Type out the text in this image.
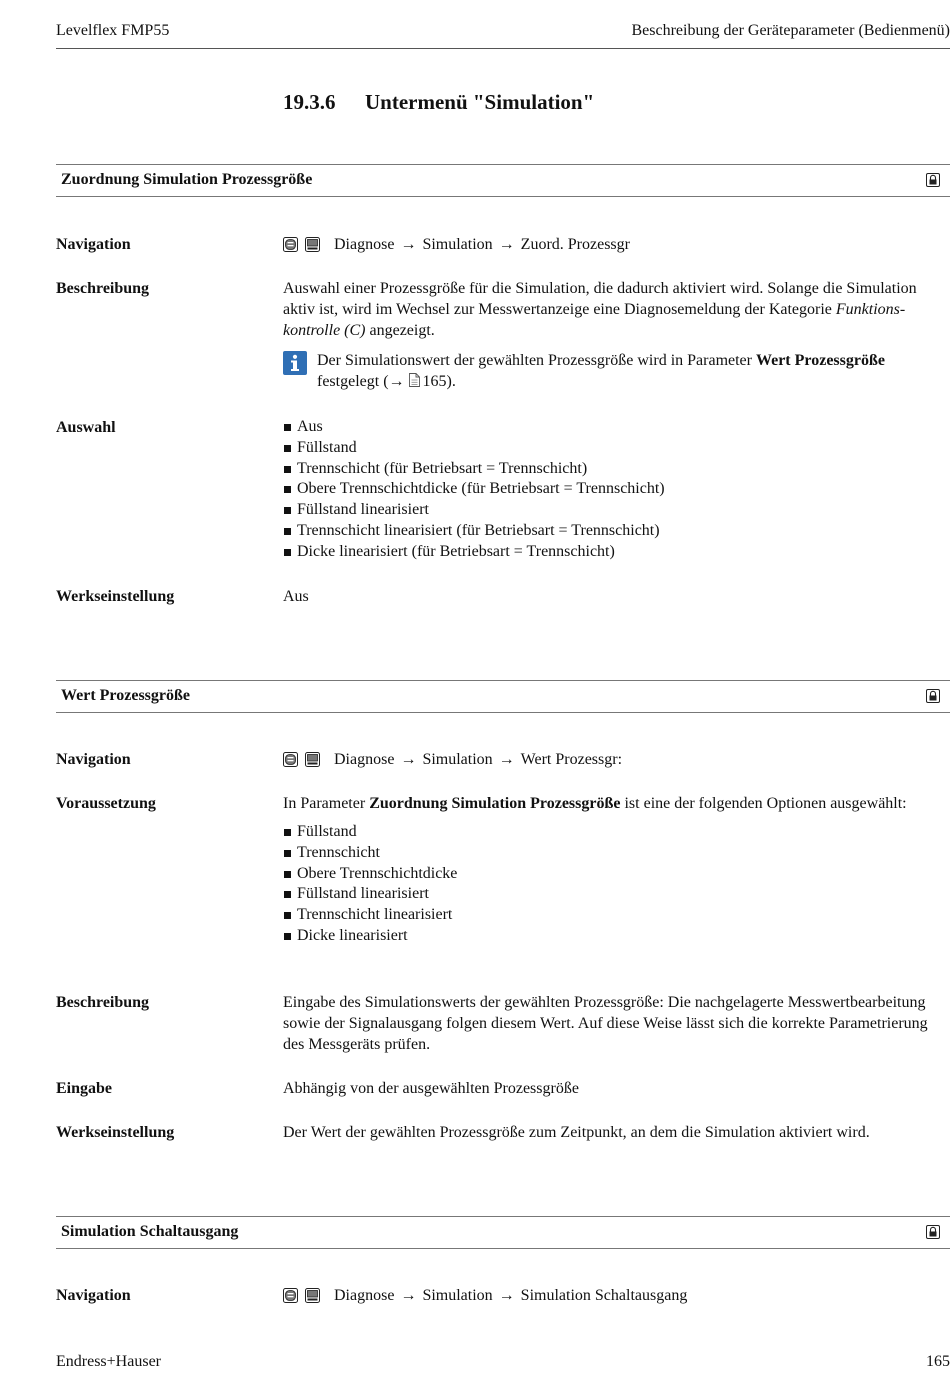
Levelflex FMP55	Beschreibung der Geräteparameter (Bedienmenü)
19.3.6 Untermenü "Simulation"
Zuordnung Simulation Prozessgröße
Navigation	Diagnose → Simulation → Zuord. Prozessgr
Beschreibung	Auswahl einer Prozessgröße für die Simulation, die dadurch aktiviert wird. Solange die Simulation aktiv ist, wird im Wechsel zur Messwertanzeige eine Diagnosemeldung der Kategorie Funktionskontrolle (C) angezeigt.

Der Simulationswert der gewählten Prozessgröße wird in Parameter Wert Prozessgröße festgelegt (→ 165).
Auswahl	Aus
Füllstand
Trennschicht (für Betriebsart = Trennschicht)
Obere Trennschichtdicke (für Betriebsart = Trennschicht)
Füllstand linearisiert
Trennschicht linearisiert (für Betriebsart = Trennschicht)
Dicke linearisiert (für Betriebsart = Trennschicht)
Werkseinstellung	Aus
Wert Prozessgröße
Navigation	Diagnose → Simulation → Wert Prozessgr:
Voraussetzung	In Parameter Zuordnung Simulation Prozessgröße ist eine der folgenden Optionen ausgewählt:

Füllstand
Trennschicht
Obere Trennschichtdicke
Füllstand linearisiert
Trennschicht linearisiert
Dicke linearisiert
Beschreibung	Eingabe des Simulationswerts der gewählten Prozessgröße: Die nachgelagerte Messwertbearbeitung sowie der Signalausgang folgen diesem Wert. Auf diese Weise lässt sich die korrekte Parametrierung des Messgeräts prüfen.
Eingabe	Abhängig von der ausgewählten Prozessgröße
Werkseinstellung	Der Wert der gewählten Prozessgröße zum Zeitpunkt, an dem die Simulation aktiviert wird.
Simulation Schaltausgang
Navigation	Diagnose → Simulation → Simulation Schaltausgang
Endress+Hauser	165
